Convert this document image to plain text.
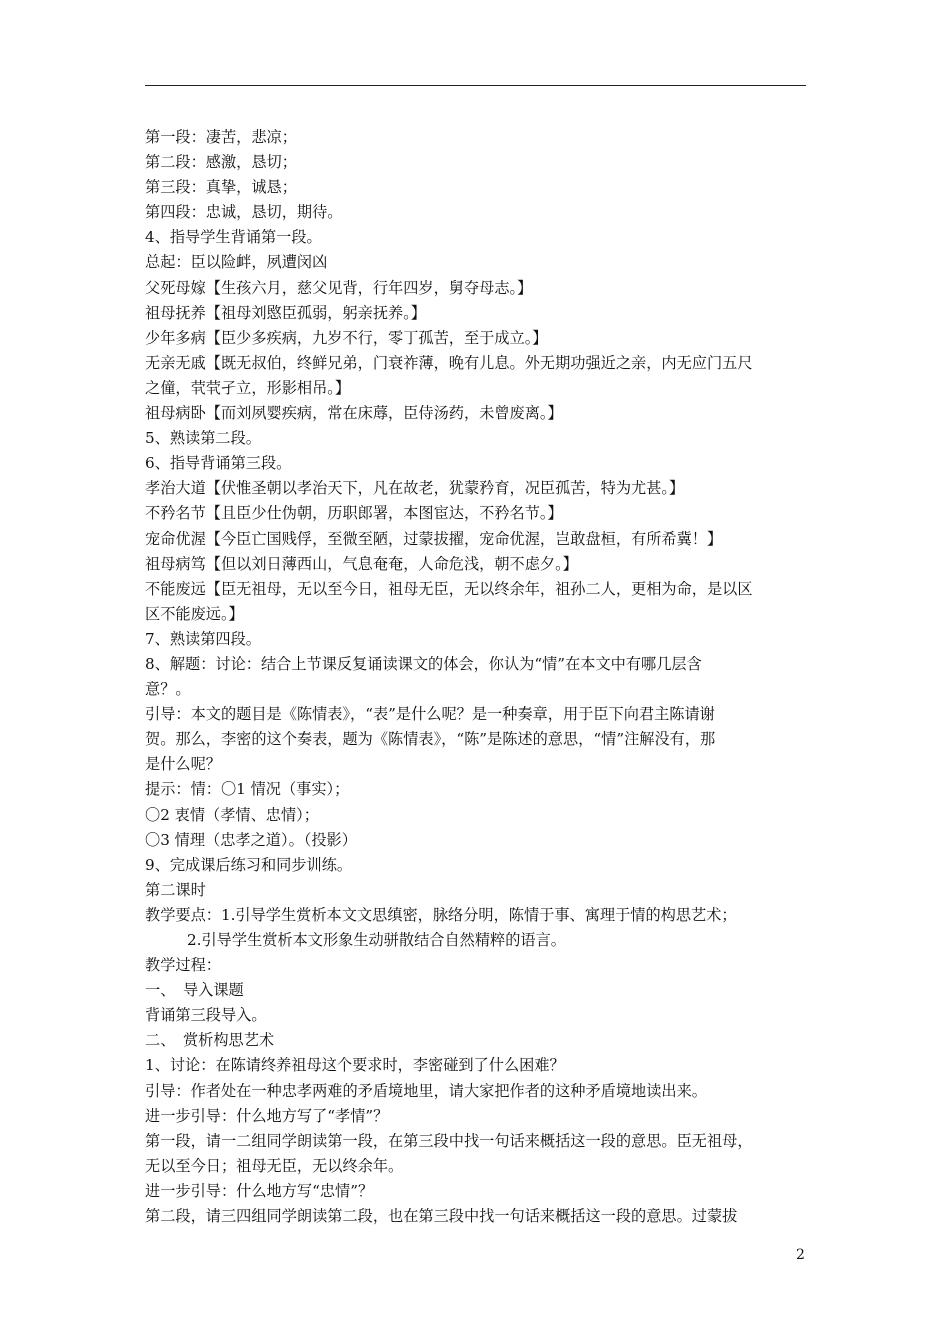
第一段：凄苦，悲凉；
第二段：感激，恳切；
第三段：真挚，诚恳；
第四段：忠诚，恳切，期待。
4、指导学生背诵第一段。
总起：臣以险衅，夙遭闵凶
父死母嫁【生孩六月，慈父见背，行年四岁，舅夺母志。】
祖母抚养【祖母刘愍臣孤弱，躬亲抚养。】
少年多病【臣少多疾病，九岁不行，零丁孤苦，至于成立。】
无亲无戚【既无叔伯，终鲜兄弟，门衰祚薄，晚有儿息。外无期功强近之亲，内无应门五尺
之僮，茕茕孑立，形影相吊。】
祖母病卧【而刘夙婴疾病，常在床蓐，臣侍汤药，未曾废离。】
5、熟读第二段。
6、指导背诵第三段。
孝治大道【伏惟圣朝以孝治天下，凡在故老，犹蒙矜育，况臣孤苦，特为尤甚。】
不矜名节【且臣少仕伪朝，历职郎署，本图宦达，不矜名节。】
宠命优渥【今臣亡国贱俘，至微至陋，过蒙拔擢，宠命优渥，岂敢盘桓，有所希冀！】
祖母病笃【但以刘日薄西山，气息奄奄，人命危浅，朝不虑夕。】
不能废远【臣无祖母，无以至今日，祖母无臣，无以终余年，祖孙二人，更相为命，是以区
区不能废远。】
7、熟读第四段。
8、解题：讨论：结合上节课反复诵读课文的体会，你认为“情”在本文中有哪几层含
意？。
引导：本文的题目是《陈情表》，“表”是什么呢？是一种奏章，用于臣下向君主陈请谢
贺。那么，李密的这个奏表，题为《陈情表》，“陈”是陈述的意思，“情”注解没有，那
是什么呢？
提示：情：〇1 情况（事实）；
〇2 衷情（孝情、忠情）；
〇3 情理（忠孝之道）。（投影）
9、完成课后练习和同步训练。
第二课时
教学要点：1.引导学生赏析本文文思缜密，脉络分明，陈情于事、寓理于情的构思艺术；
2.引导学生赏析本文形象生动骈散结合自然精粹的语言。
教学过程：
一、　导入课题
背诵第三段导入。
二、　赏析构思艺术
1、讨论：在陈请终养祖母这个要求时，李密碰到了什么困难？
引导：作者处在一种忠孝两难的矛盾境地里，请大家把作者的这种矛盾境地读出来。
进一步引导：什么地方写了“孝情”？
第一段，请一二组同学朗读第一段，在第三段中找一句话来概括这一段的意思。臣无祖母，
无以至今日；祖母无臣，无以终余年。
进一步引导：什么地方写“忠情”？
第二段，请三四组同学朗读第二段，也在第三段中找一句话来概括这一段的意思。过蒙拔
2
